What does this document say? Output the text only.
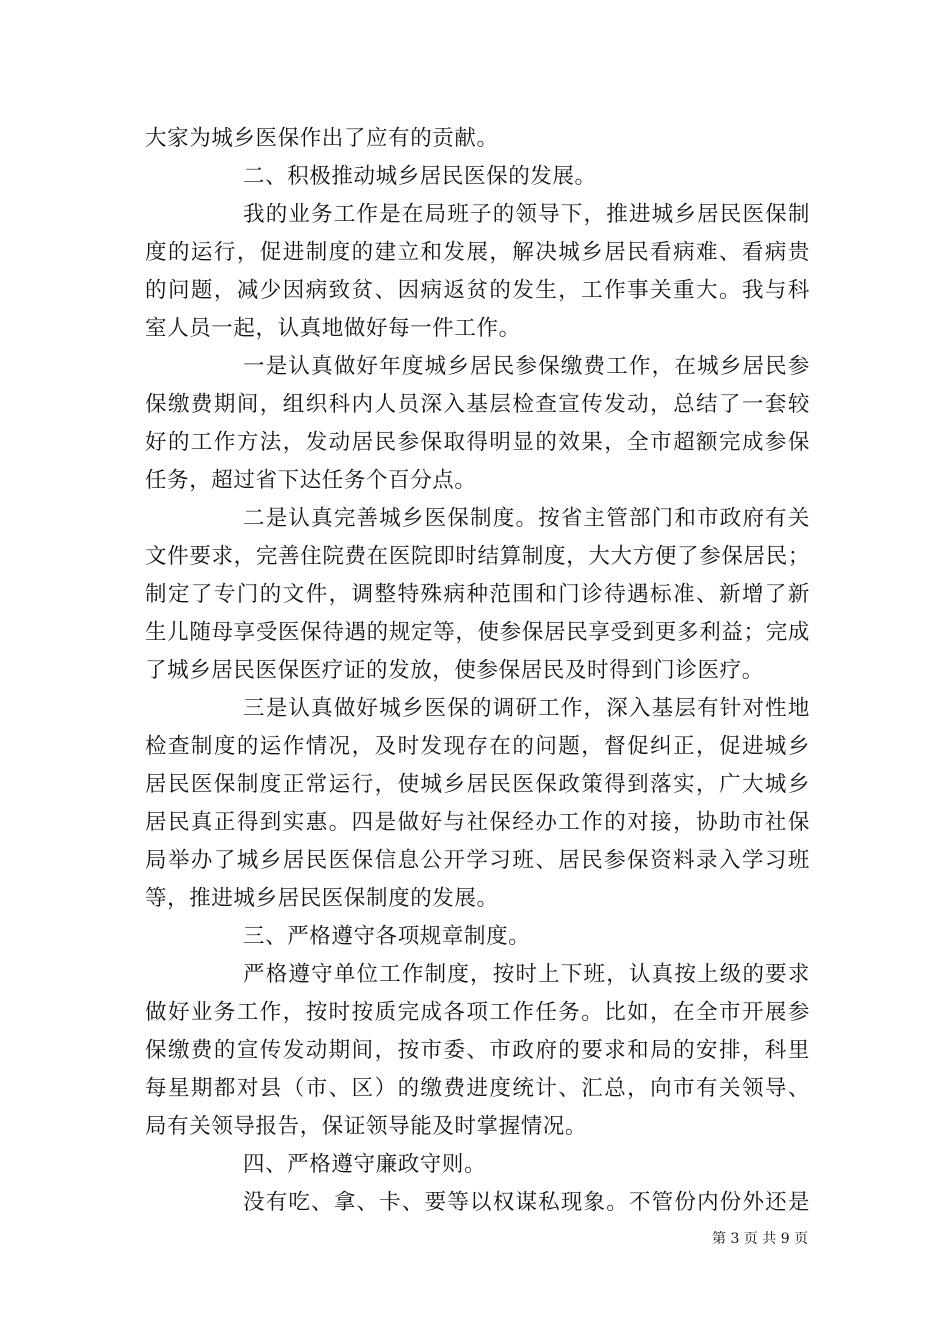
大家为城乡医保作出了应有的贡献。
二、积极推动城乡居民医保的发展。
我的业务工作是在局班子的领导下，推进城乡居民医保制
度的运行，促进制度的建立和发展，解决城乡居民看病难、看病贵
的问题，减少因病致贫、因病返贫的发生，工作事关重大。我与科
室人员一起，认真地做好每一件工作。
一是认真做好年度城乡居民参保缴费工作，在城乡居民参
保缴费期间，组织科内人员深入基层检查宣传发动，总结了一套较
好的工作方法，发动居民参保取得明显的效果，全市超额完成参保
任务，超过省下达任务个百分点。
二是认真完善城乡医保制度。按省主管部门和市政府有关
文件要求，完善住院费在医院即时结算制度，大大方便了参保居民；
制定了专门的文件，调整特殊病种范围和门诊待遇标准、新增了新
生儿随母享受医保待遇的规定等，使参保居民享受到更多利益；完成
了城乡居民医保医疗证的发放，使参保居民及时得到门诊医疗。
三是认真做好城乡医保的调研工作，深入基层有针对性地
检查制度的运作情况，及时发现存在的问题，督促纠正，促进城乡
居民医保制度正常运行，使城乡居民医保政策得到落实，广大城乡
居民真正得到实惠。四是做好与社保经办工作的对接，协助市社保
局举办了城乡居民医保信息公开学习班、居民参保资料录入学习班
等，推进城乡居民医保制度的发展。
三、严格遵守各项规章制度。
严格遵守单位工作制度，按时上下班，认真按上级的要求
做好业务工作，按时按质完成各项工作任务。比如，在全市开展参
保缴费的宣传发动期间，按市委、市政府的要求和局的安排，科里
每星期都对县（市、区）的缴费进度统计、汇总，向市有关领导、
局有关领导报告，保证领导能及时掌握情况。
四、严格遵守廉政守则。
没有吃、拿、卡、要等以权谋私现象。不管份内份外还是
第 3 页 共 9 页
